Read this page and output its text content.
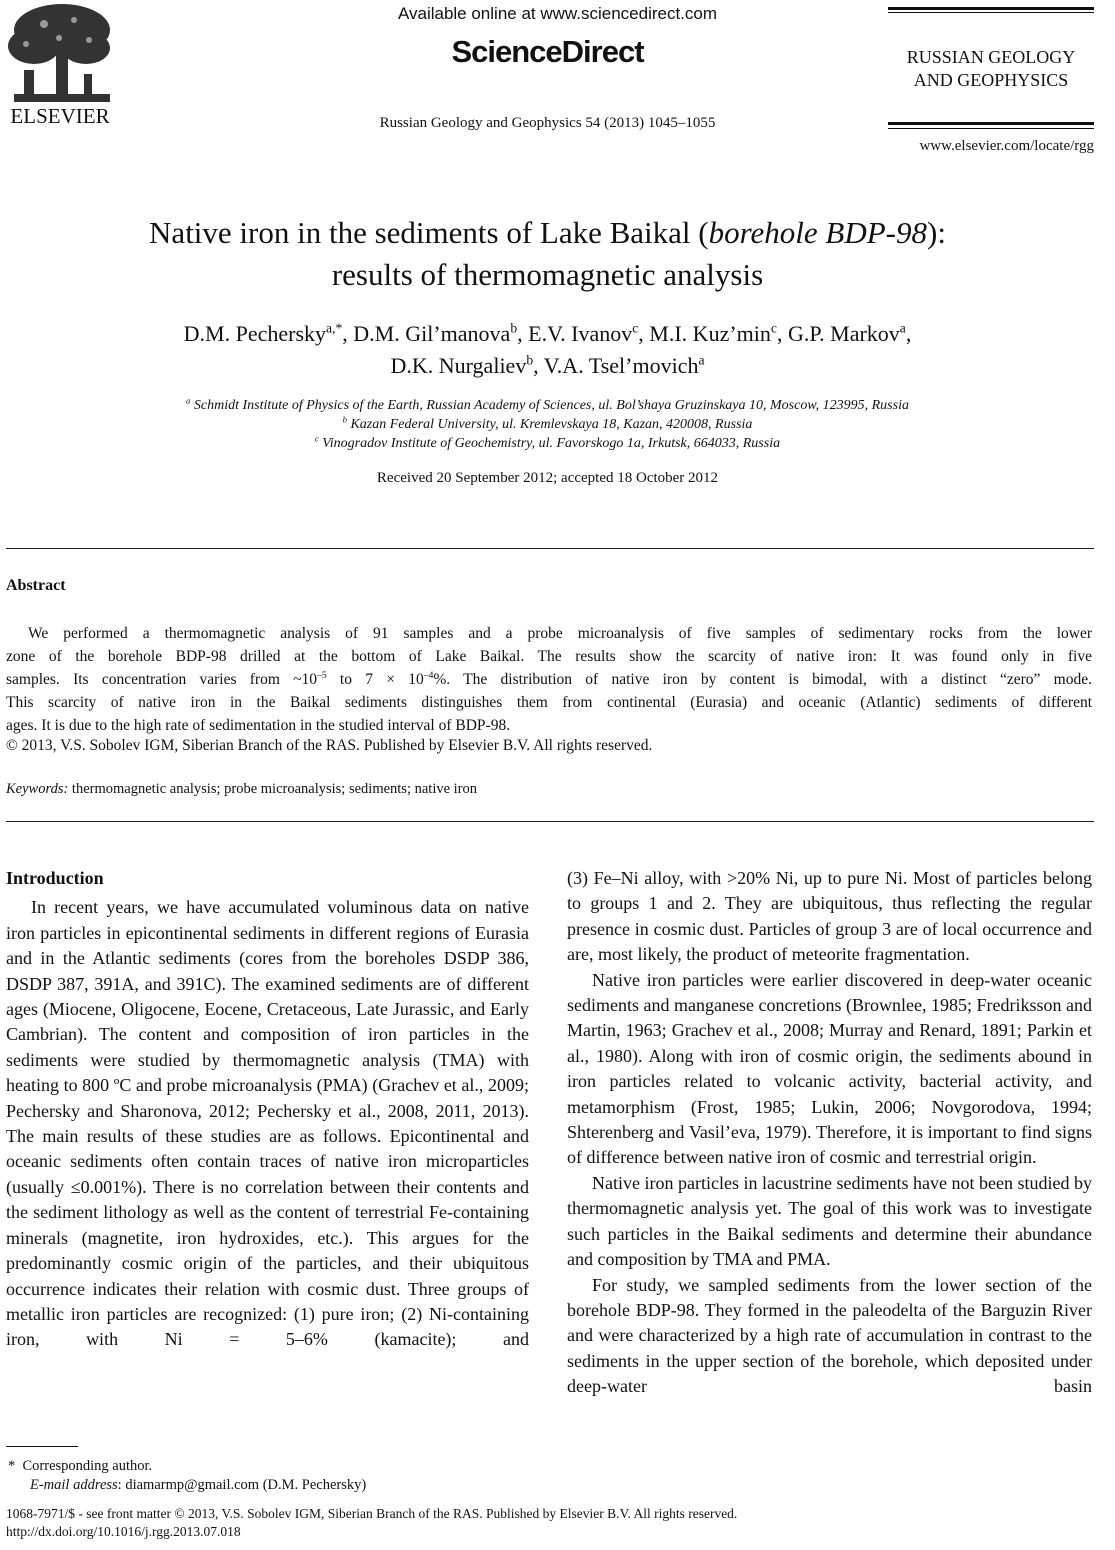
ELSEVIER
Available online at www.sciencedirect.com
ScienceDirect
Russian Geology and Geophysics 54 (2013) 1045–1055
RUSSIAN GEOLOGY
AND GEOPHYSICS
www.elsevier.com/locate/rgg
Native iron in the sediments of Lake Baikal (borehole BDP-98):
results of thermomagnetic analysis
D.M. Pechersky$^{a,*}$, D.M. Gil’manova$^b$, E.V. Ivanov$^c$, M.I. $Kuz’\min^c$, G.P. Markov$^a$,
D.K. Nurgaliev$^b$, V.A. Tsel’movich$^a$
$^a$ Schmidt Institute of Physics of the Earth, Russian Academy of Sciences, ul. Bol’shaya Gruzinskaya 10, Moscow, 123995, Russia
$^b$ Kazan Federal University, ul. Kremlevskaya 18, Kazan, 420008, Russia
$^c$ Vinogradov Institute of Geochemistry, ul. Favorskogo 1a, Irkutsk, 664033, Russia
Received 20 September 2012; accepted 18 October 2012
Abstract

We performed a thermomagnetic analysis of 91 samples and a probe microanalysis of five samples of sedimentary rocks from the lower

zone of the borehole BDP-98 drilled at the bottom of Lake Baikal. The results show the scarcity of native iron: It was found only in five

samples. Its concentration varies from $\sim 10^{-5}$ to $7 \times 10^{-4}\%$. The distribution of native iron by content is bimodal, with a distinct “zero” mode.

This scarcity of native iron in the Baikal sediments distinguishes them from continental (Eurasia) and oceanic (Atlantic) sediments of different

ages. It is due to the high rate of sedimentation in the studied interval of BDP-98.

© 2013, V.S. Sobolev IGM, Siberian Branch of the RAS. Published by Elsevier B.V. All rights reserved.
Keywords: thermomagnetic analysis; probe microanalysis; sediments; native iron
Introduction

In recent years, we have accumulated voluminous data on native iron particles in epicontinental sediments in different regions of Eurasia and in the Atlantic sediments (cores from the boreholes DSDP 386, DSDP 387, 391A, and 391C). The examined sediments are of different ages (Miocene, Oligocene, Eocene, Cretaceous, Late Jurassic, and Early Cambrian). The content and composition of iron particles in the sediments were studied by thermomagnetic analysis (TMA) with heating to 800 ºC and probe microanalysis (PMA) (Grachev et al., 2009; Pechersky and Sharonova, 2012; Pechersky et al., 2008, 2011, 2013). The main results of these studies are as follows. Epicontinental and oceanic sediments often contain traces of native iron microparticles (usually ≤0.001%). There is no correlation between their contents and the sediment lithology as well as the content of terrestrial Fe-containing minerals (magnetite, iron hydroxides, etc.). This argues for the predominantly cosmic origin of the particles, and their ubiquitous occurrence indicates their relation with cosmic dust. Three groups of metallic iron particles are recognized: (1) pure iron; (2) Ni-containing iron, with Ni = 5–6% (kamacite); and

(3) Fe–Ni alloy, with >20% Ni, up to pure Ni. Most of particles belong to groups 1 and 2. They are ubiquitous, thus reflecting the regular presence in cosmic dust. Particles of group 3 are of local occurrence and are, most likely, the product of meteorite fragmentation.

Native iron particles were earlier discovered in deep-water oceanic sediments and manganese concretions (Brownlee, 1985; Fredriksson and Martin, 1963; Grachev et al., 2008; Murray and Renard, 1891; Parkin et al., 1980). Along with iron of cosmic origin, the sediments abound in iron particles related to volcanic activity, bacterial activity, and metamorphism (Frost, 1985; Lukin, 2006; Novgorodova, 1994; Shterenberg and Vasil’eva, 1979). Therefore, it is important to find signs of difference between native iron of cosmic and terrestrial origin.

Native iron particles in lacustrine sediments have not been studied by thermomagnetic analysis yet. The goal of this work was to investigate such particles in the Baikal sediments and determine their abundance and composition by TMA and PMA.

For study, we sampled sediments from the lower section of the borehole BDP-98. They formed in the paleodelta of the Barguzin River and were characterized by a high rate of accumulation in contrast to the sediments in the upper section of the borehole, which deposited under deep-water basin

* Corresponding author.
E-mail address: diamarmp@gmail.com (D.M. Pechersky)
1068-7971/$ - see front matter © 2013, V.S. Sobolev IGM, Siberian Branch of the RAS. Published by Elsevier B.V. All rights reserved.
http://dx.doi.org/10.1016/j.rgg.2013.07.018
